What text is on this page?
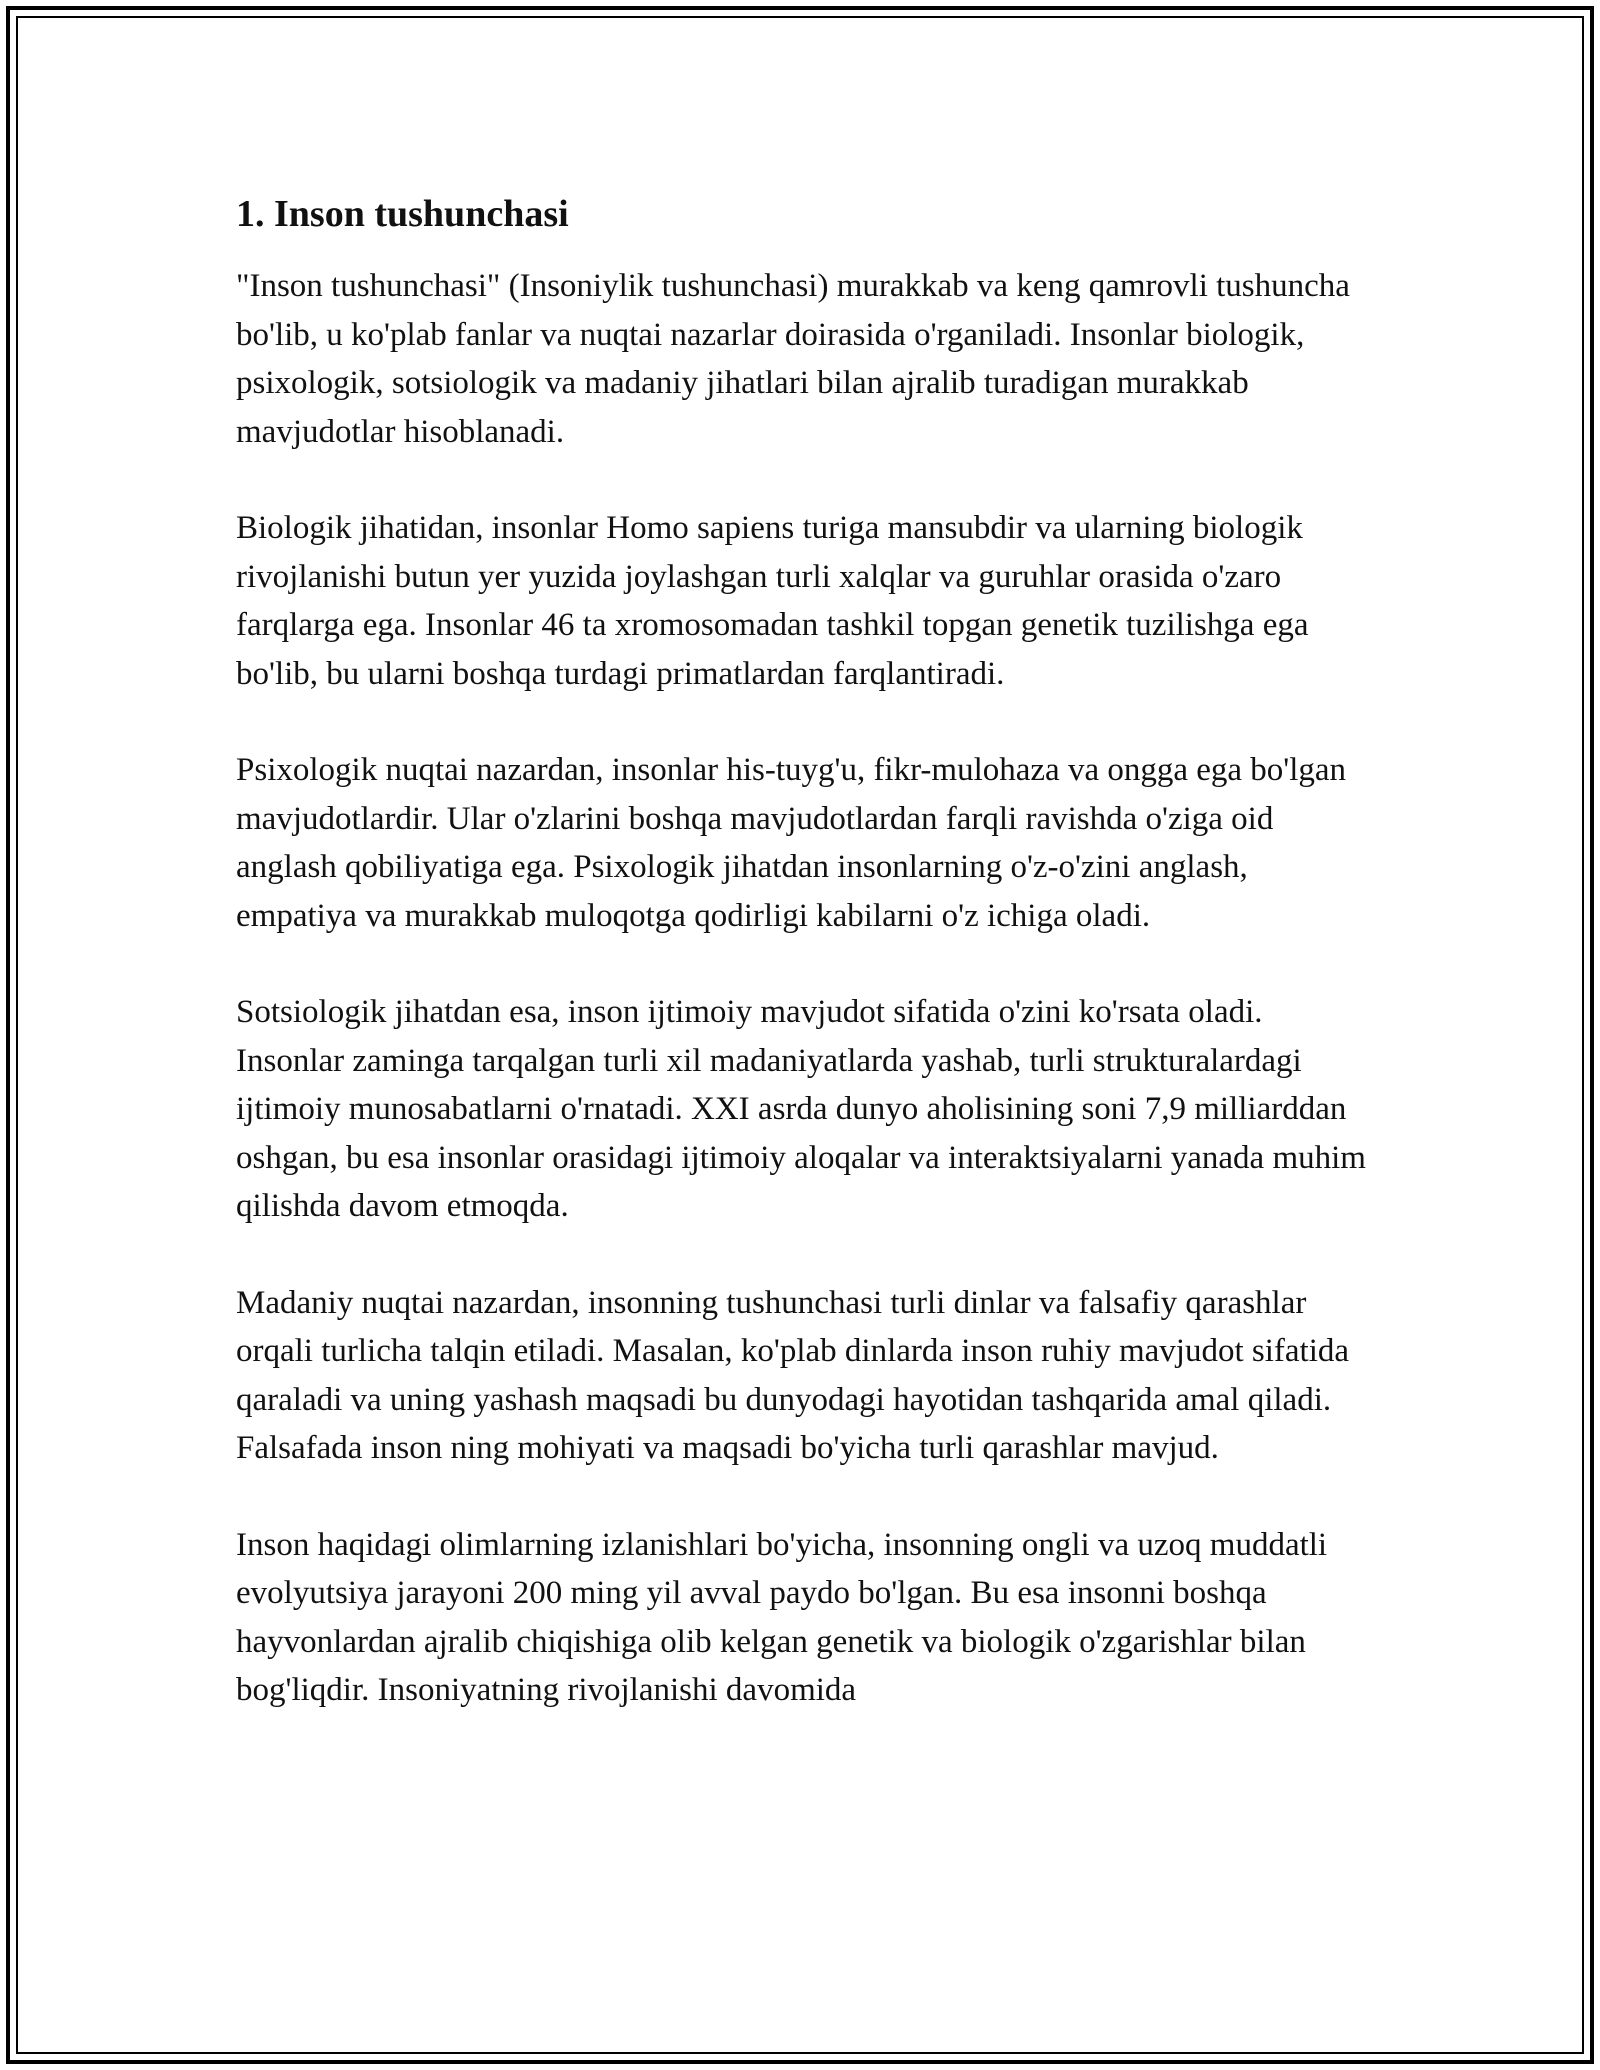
1. Inson tushunchasi

"Inson tushunchasi" (Insoniylik tushunchasi) murakkab va keng qamrovli tushuncha bo'lib, u ko'plab fanlar va nuqtai nazarlar doirasida o'rganiladi. Insonlar biologik, psixologik, sotsiologik va madaniy jihatlari bilan ajralib turadigan murakkab mavjudotlar hisoblanadi.

Biologik jihatidan, insonlar Homo sapiens turiga mansubdir va ularning biologik rivojlanishi butun yer yuzida joylashgan turli xalqlar va guruhlar orasida o'zaro farqlarga ega. Insonlar 46 ta xromosomadan tashkil topgan genetik tuzilishga ega bo'lib, bu ularni boshqa turdagi primatlardan farqlantiradi.

Psixologik nuqtai nazardan, insonlar his-tuyg'u, fikr-mulohaza va ongga ega bo'lgan mavjudotlardir. Ular o'zlarini boshqa mavjudotlardan farqli ravishda o'ziga oid anglash qobiliyatiga ega. Psixologik jihatdan insonlarning o'z-o'zini anglash, empatiya va murakkab muloqotga qodirligi kabilarni o'z ichiga oladi.

Sotsiologik jihatdan esa, inson ijtimoiy mavjudot sifatida o'zini ko'rsata oladi. Insonlar zaminga tarqalgan turli xil madaniyatlarda yashab, turli strukturalardagi ijtimoiy munosabatlarni o'rnatadi. XXI asrda dunyo aholisining soni 7,9 milliarddan oshgan, bu esa insonlar orasidagi ijtimoiy aloqalar va interaktsiyalarni yanada muhim qilishda davom etmoqda.

Madaniy nuqtai nazardan, insonning tushunchasi turli dinlar va falsafiy qarashlar orqali turlicha talqin etiladi. Masalan, ko'plab dinlarda inson ruhiy mavjudot sifatida qaraladi va uning yashash maqsadi bu dunyodagi hayotidan tashqarida amal qiladi. Falsafada inson ning mohiyati va maqsadi bo'yicha turli qarashlar mavjud.

Inson haqidagi olimlarning izlanishlari bo'yicha, insonning ongli va uzoq muddatli evolyutsiya jarayoni 200 ming yil avval paydo bo'lgan. Bu esa insonni boshqa hayvonlardan ajralib chiqishiga olib kelgan genetik va biologik o'zgarishlar bilan bog'liqdir. Insoniyatning rivojlanishi davomida
